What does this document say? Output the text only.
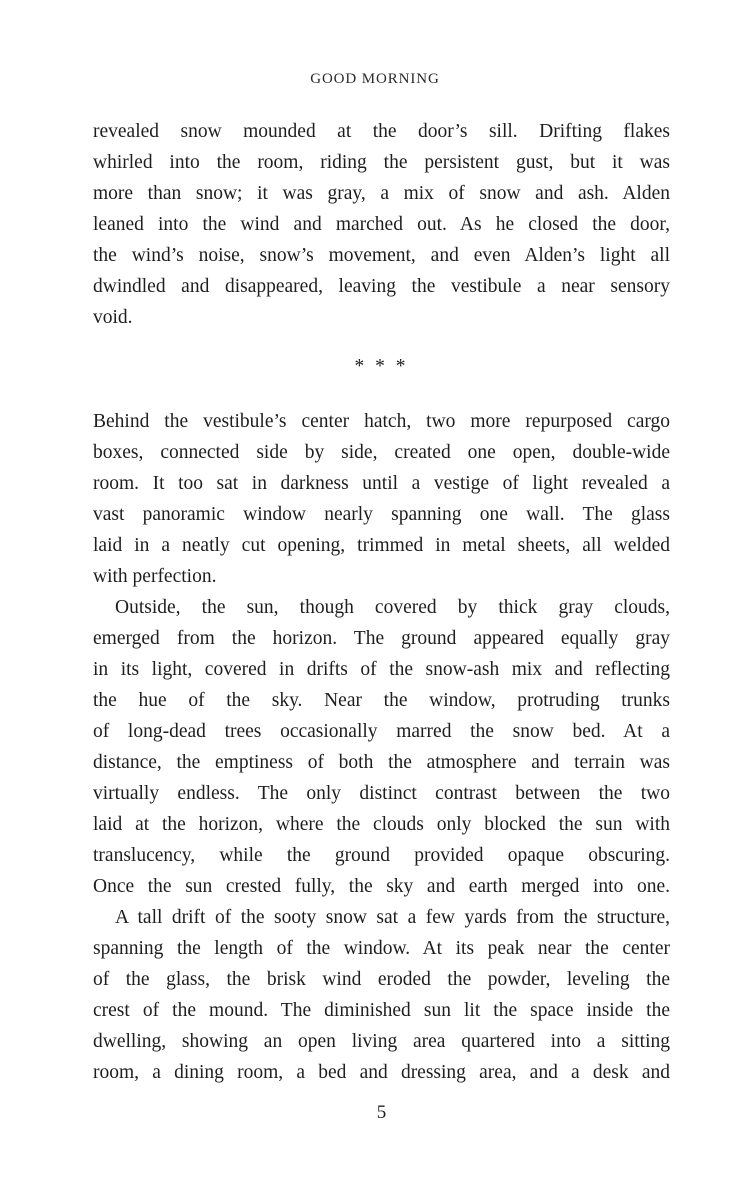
GOOD MORNING
revealed snow mounded at the door’s sill. Drifting flakes
whirled into the room, riding the persistent gust, but it was
more than snow; it was gray, a mix of snow and ash. Alden
leaned into the wind and marched out. As he closed the door,
the wind’s noise, snow’s movement, and even Alden’s light all
dwindled and disappeared, leaving the vestibule a near sensory
void.
* * *
Behind the vestibule’s center hatch, two more repurposed cargo
boxes, connected side by side, created one open, double-wide
room. It too sat in darkness until a vestige of light revealed a
vast panoramic window nearly spanning one wall. The glass
laid in a neatly cut opening, trimmed in metal sheets, all welded
with perfection.
Outside, the sun, though covered by thick gray clouds,
emerged from the horizon. The ground appeared equally gray
in its light, covered in drifts of the snow-ash mix and reflecting
the hue of the sky. Near the window, protruding trunks
of long-dead trees occasionally marred the snow bed. At a
distance, the emptiness of both the atmosphere and terrain was
virtually endless. The only distinct contrast between the two
laid at the horizon, where the clouds only blocked the sun with
translucency, while the ground provided opaque obscuring.
Once the sun crested fully, the sky and earth merged into one.
A tall drift of the sooty snow sat a few yards from the structure,
spanning the length of the window. At its peak near the center
of the glass, the brisk wind eroded the powder, leveling the
crest of the mound. The diminished sun lit the space inside the
dwelling, showing an open living area quartered into a sitting
room, a dining room, a bed and dressing area, and a desk and
5
